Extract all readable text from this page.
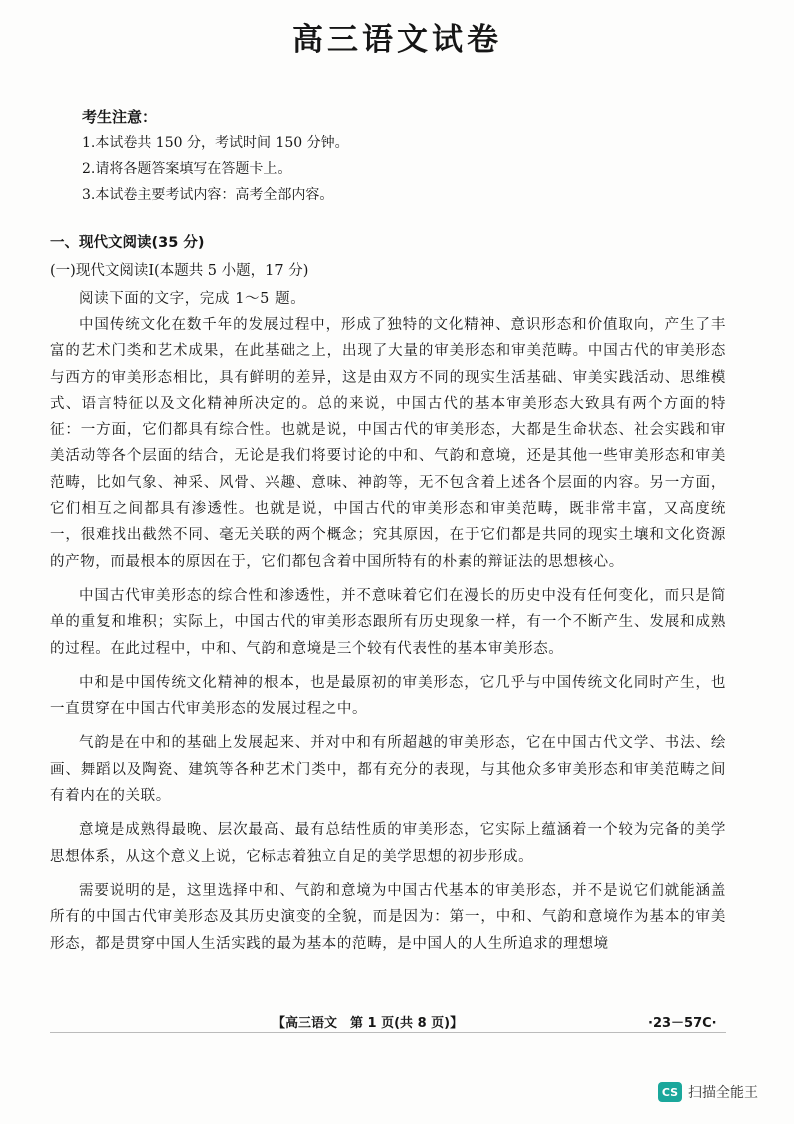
高三语文试卷
考生注意：
1.本试卷共 150 分，考试时间 150 分钟。
2.请将各题答案填写在答题卡上。
3.本试卷主要考试内容：高考全部内容。
一、现代文阅读(35 分)
(一)现代文阅读Ⅰ(本题共 5 小题，17 分)
阅读下面的文字，完成 1～5 题。

中国传统文化在数千年的发展过程中，形成了独特的文化精神、意识形态和价值取向，产生了丰富的艺术门类和艺术成果，在此基础之上，出现了大量的审美形态和审美范畴。中国古代的审美形态与西方的审美形态相比，具有鲜明的差异，这是由双方不同的现实生活基础、审美实践活动、思维模式、语言特征以及文化精神所决定的。总的来说，中国古代的基本审美形态大致具有两个方面的特征：一方面，它们都具有综合性。也就是说，中国古代的审美形态，大都是生命状态、社会实践和审美活动等各个层面的结合，无论是我们将要讨论的中和、气韵和意境，还是其他一些审美形态和审美范畴，比如气象、神采、风骨、兴趣、意味、神韵等，无不包含着上述各个层面的内容。另一方面，它们相互之间都具有渗透性。也就是说，中国古代的审美形态和审美范畴，既非常丰富，又高度统一，很难找出截然不同、毫无关联的两个概念；究其原因，在于它们都是共同的现实土壤和文化资源的产物，而最根本的原因在于，它们都包含着中国所特有的朴素的辩证法的思想核心。

中国古代审美形态的综合性和渗透性，并不意味着它们在漫长的历史中没有任何变化，而只是简单的重复和堆积；实际上，中国古代的审美形态跟所有历史现象一样，有一个不断产生、发展和成熟的过程。在此过程中，中和、气韵和意境是三个较有代表性的基本审美形态。

中和是中国传统文化精神的根本，也是最原初的审美形态，它几乎与中国传统文化同时产生，也一直贯穿在中国古代审美形态的发展过程之中。

气韵是在中和的基础上发展起来、并对中和有所超越的审美形态，它在中国古代文学、书法、绘画、舞蹈以及陶瓷、建筑等各种艺术门类中，都有充分的表现，与其他众多审美形态和审美范畴之间有着内在的关联。

意境是成熟得最晚、层次最高、最有总结性质的审美形态，它实际上蕴涵着一个较为完备的美学思想体系，从这个意义上说，它标志着独立自足的美学思想的初步形成。

需要说明的是，这里选择中和、气韵和意境为中国古代基本的审美形态，并不是说它们就能涵盖所有的中国古代审美形态及其历史演变的全貌，而是因为：第一，中和、气韵和意境作为基本的审美形态，都是贯穿中国人生活实践的最为基本的范畴，是中国人的人生所追求的理想境

【高三语文　第 1 页(共 8 页)】	·23－57C·
CS 扫描全能王
